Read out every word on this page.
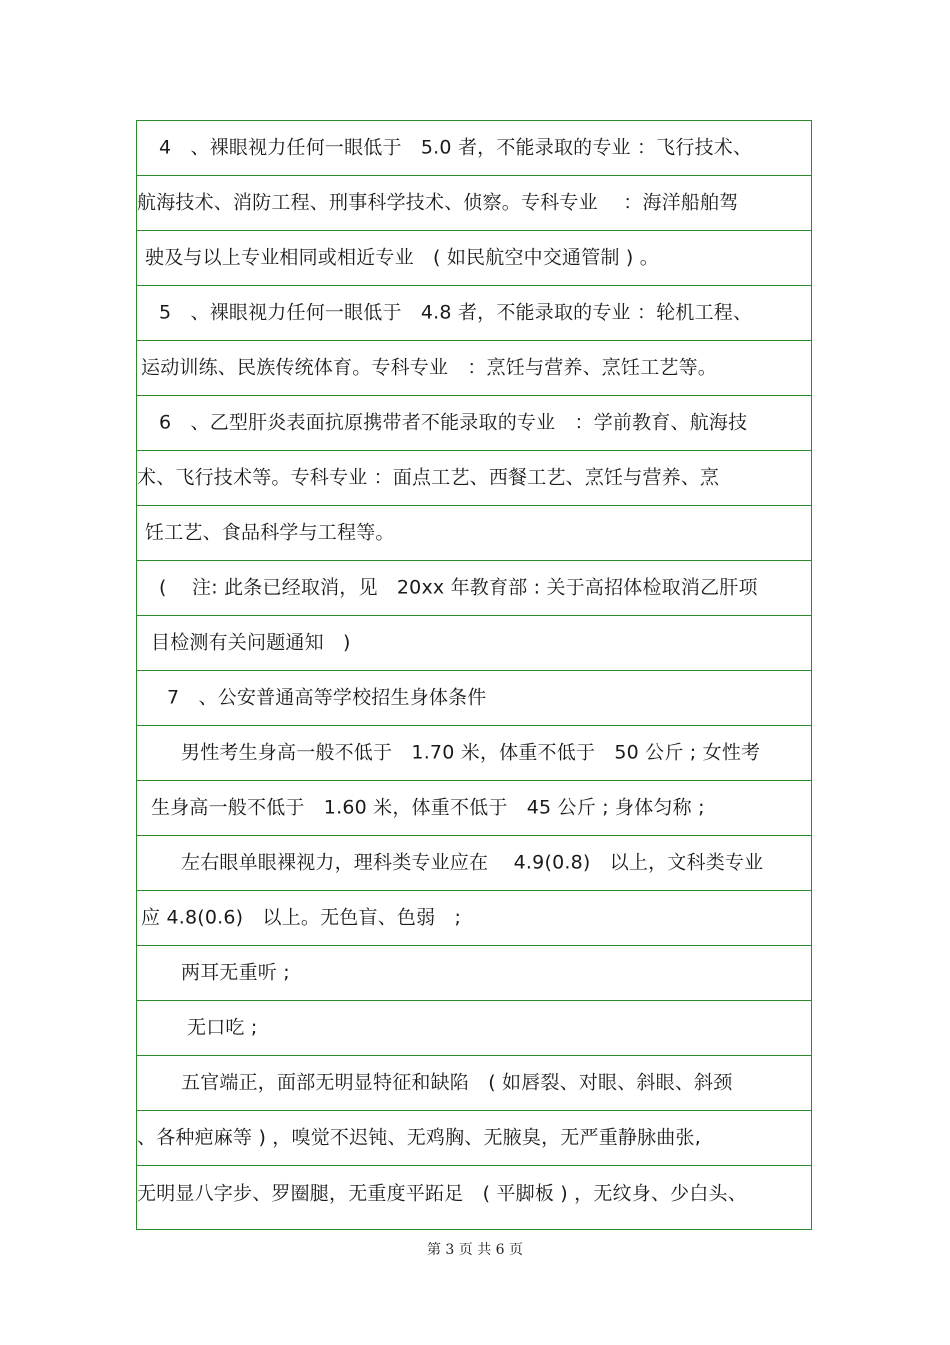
4　、裸眼视力任何一眼低于　5.0 者，不能录取的专业 ：飞行技术、
航海技术、消防工程、刑事科学技术、侦察。专科专业　 ：海洋船舶驾
驶及与以上专业相同或相近专业　( 如民航空中交通管制 ) 。
5　、裸眼视力任何一眼低于　4.8 者，不能录取的专业 ：轮机工程、
运动训练、民族传统体育。专科专业　：烹饪与营养、烹饪工艺等。
6　、乙型肝炎表面抗原携带者不能录取的专业　：学前教育、航海技
术、飞行技术等。专科专业 ：面点工艺、西餐工艺、烹饪与营养、烹
饪工艺、食品科学与工程等。
(　 注: 此条已经取消，见　20xx 年教育部 : 关于高招体检取消乙肝项
目检测有关问题通知　)
7　、公安普通高等学校招生身体条件
男性考生身高一般不低于　1.70 米，体重不低于　50 公斤 ; 女性考
生身高一般不低于　1.60 米，体重不低于　45 公斤 ; 身体匀称 ;
左右眼单眼裸视力，理科类专业应在　 4.9(0.8)　以上，文科类专业
应 4.8(0.6)　以上。无色盲、色弱　;
两耳无重听 ;
无口吃 ;
五官端正，面部无明显特征和缺陷　( 如唇裂、对眼、斜眼、斜颈
、各种疤麻等 ) ，嗅觉不迟钝、无鸡胸、无腋臭，无严重静脉曲张,
无明显八字步、罗圈腿，无重度平跖足　( 平脚板 ) ，无纹身、少白头、
第 3 页 共 6 页
